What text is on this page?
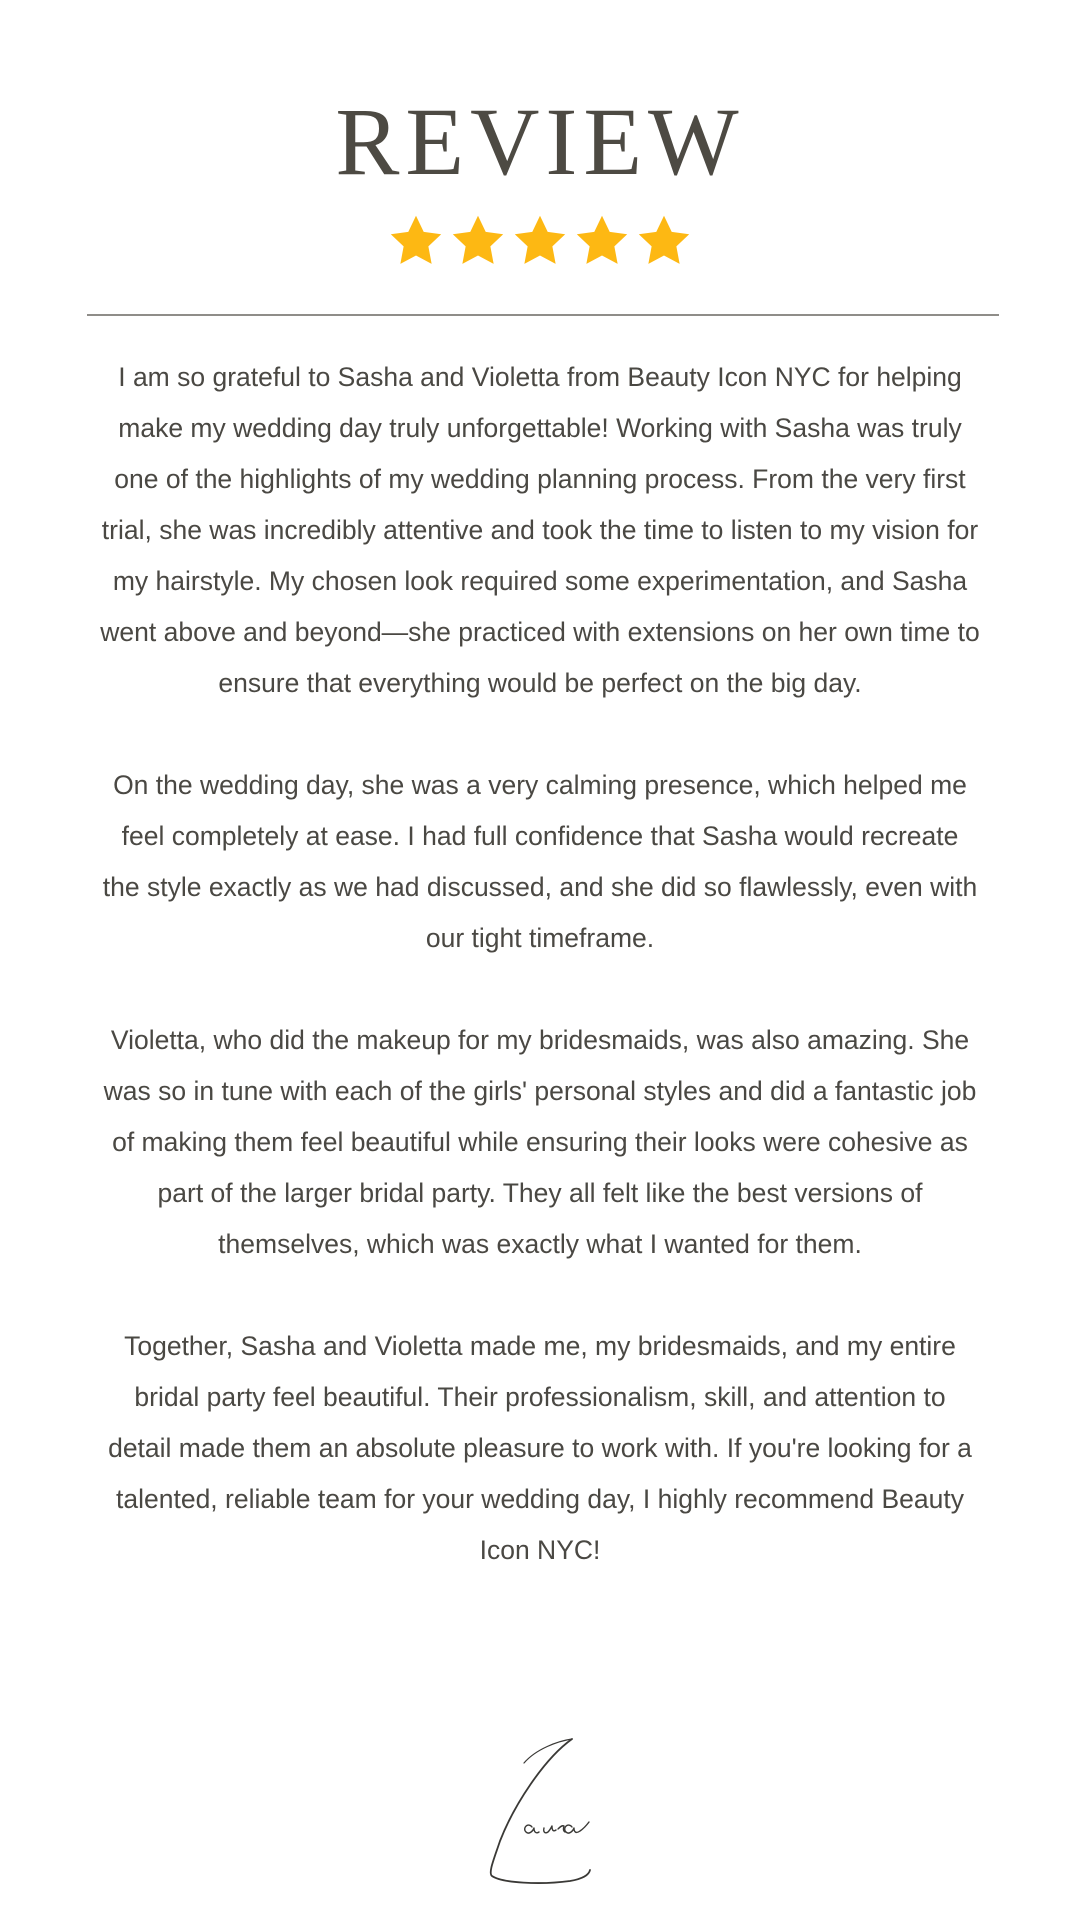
REVIEW

I am so grateful to Sasha and Violetta from Beauty Icon NYC for helping make my wedding day truly unforgettable! Working with Sasha was truly one of the highlights of my wedding planning process. From the very first trial, she was incredibly attentive and took the time to listen to my vision for my hairstyle. My chosen look required some experimentation, and Sasha went above and beyond—she practiced with extensions on her own time to ensure that everything would be perfect on the big day.

On the wedding day, she was a very calming presence, which helped me feel completely at ease. I had full confidence that Sasha would recreate the style exactly as we had discussed, and she did so flawlessly, even with our tight timeframe.

Violetta, who did the makeup for my bridesmaids, was also amazing. She was so in tune with each of the girls' personal styles and did a fantastic job of making them feel beautiful while ensuring their looks were cohesive as part of the larger bridal party. They all felt like the best versions of themselves, which was exactly what I wanted for them.

Together, Sasha and Violetta made me, my bridesmaids, and my entire bridal party feel beautiful. Their professionalism, skill, and attention to detail made them an absolute pleasure to work with. If you're looking for a talented, reliable team for your wedding day, I highly recommend Beauty Icon NYC!
